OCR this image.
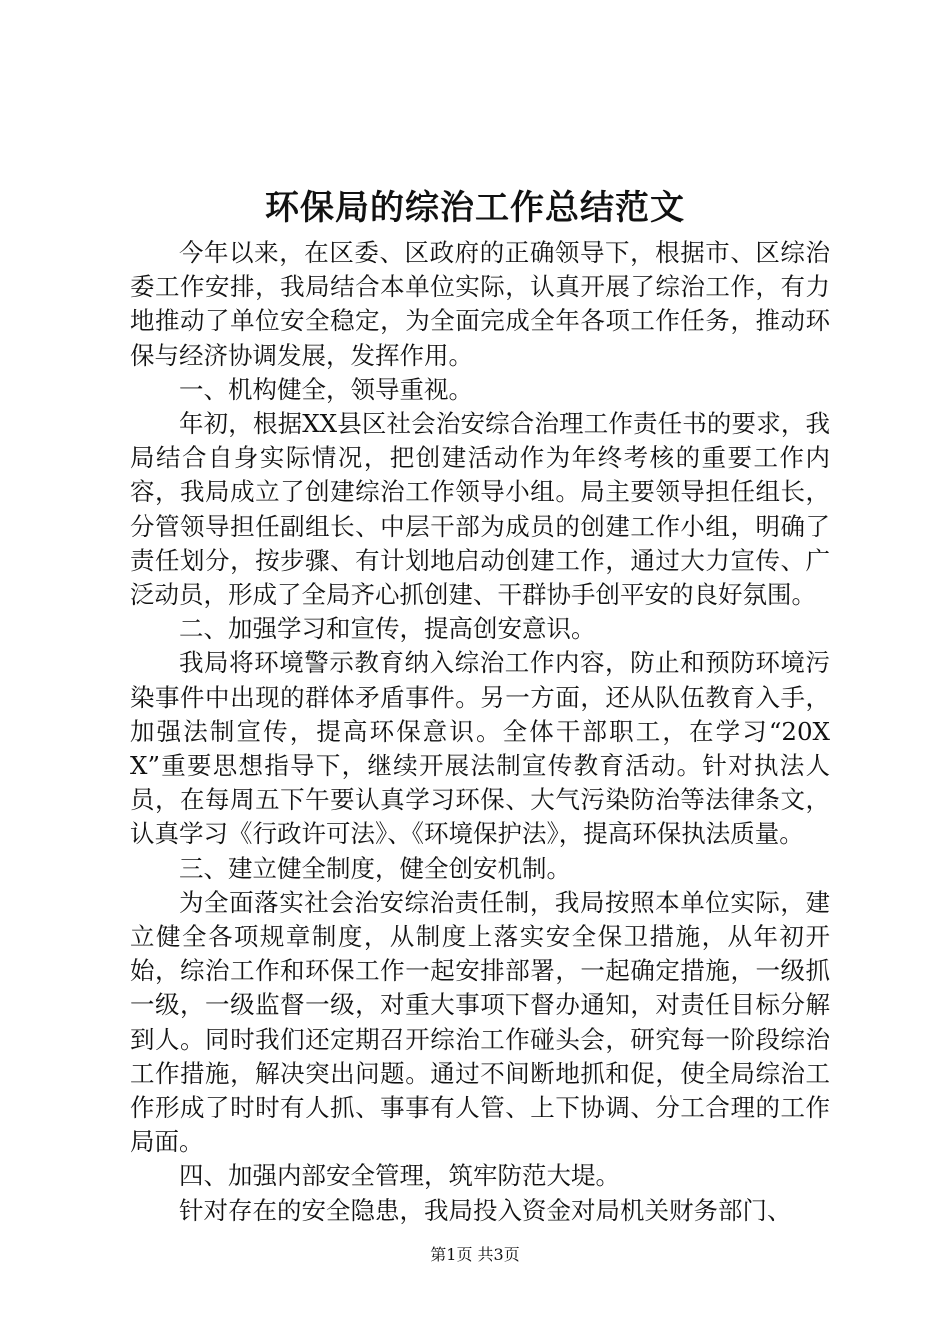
环保局的综治工作总结范文

今年以来，在区委、区政府的正确领导下，根据市、区综治委工作安排，我局结合本单位实际，认真开展了综治工作，有力地推动了单位安全稳定，为全面完成全年各项工作任务，推动环保与经济协调发展，发挥作用。

一、机构健全，领导重视。

年初，根据XX县区社会治安综合治理工作责任书的要求，我局结合自身实际情况，把创建活动作为年终考核的重要工作内容，我局成立了创建综治工作领导小组。局主要领导担任组长，分管领导担任副组长、中层干部为成员的创建工作小组，明确了责任划分，按步骤、有计划地启动创建工作，通过大力宣传、广泛动员，形成了全局齐心抓创建、干群协手创平安的良好氛围。

二、加强学习和宣传，提高创安意识。

我局将环境警示教育纳入综治工作内容，防止和预防环境污染事件中出现的群体矛盾事件。另一方面，还从队伍教育入手，加强法制宣传，提高环保意识。全体干部职工，在学习“20XX”重要思想指导下，继续开展法制宣传教育活动。针对执法人员，在每周五下午要认真学习环保、大气污染防治等法律条文，认真学习《行政许可法》、《环境保护法》，提高环保执法质量。

三、建立健全制度，健全创安机制。

为全面落实社会治安综治责任制，我局按照本单位实际，建立健全各项规章制度，从制度上落实安全保卫措施，从年初开始，综治工作和环保工作一起安排部署，一起确定措施，一级抓一级，一级监督一级，对重大事项下督办通知，对责任目标分解到人。同时我们还定期召开综治工作碰头会，研究每一阶段综治工作措施，解决突出问题。通过不间断地抓和促，使全局综治工作形成了时时有人抓、事事有人管、上下协调、分工合理的工作局面。

四、加强内部安全管理，筑牢防范大堤。

针对存在的安全隐患，我局投入资金对局机关财务部门、

第1页 共3页
